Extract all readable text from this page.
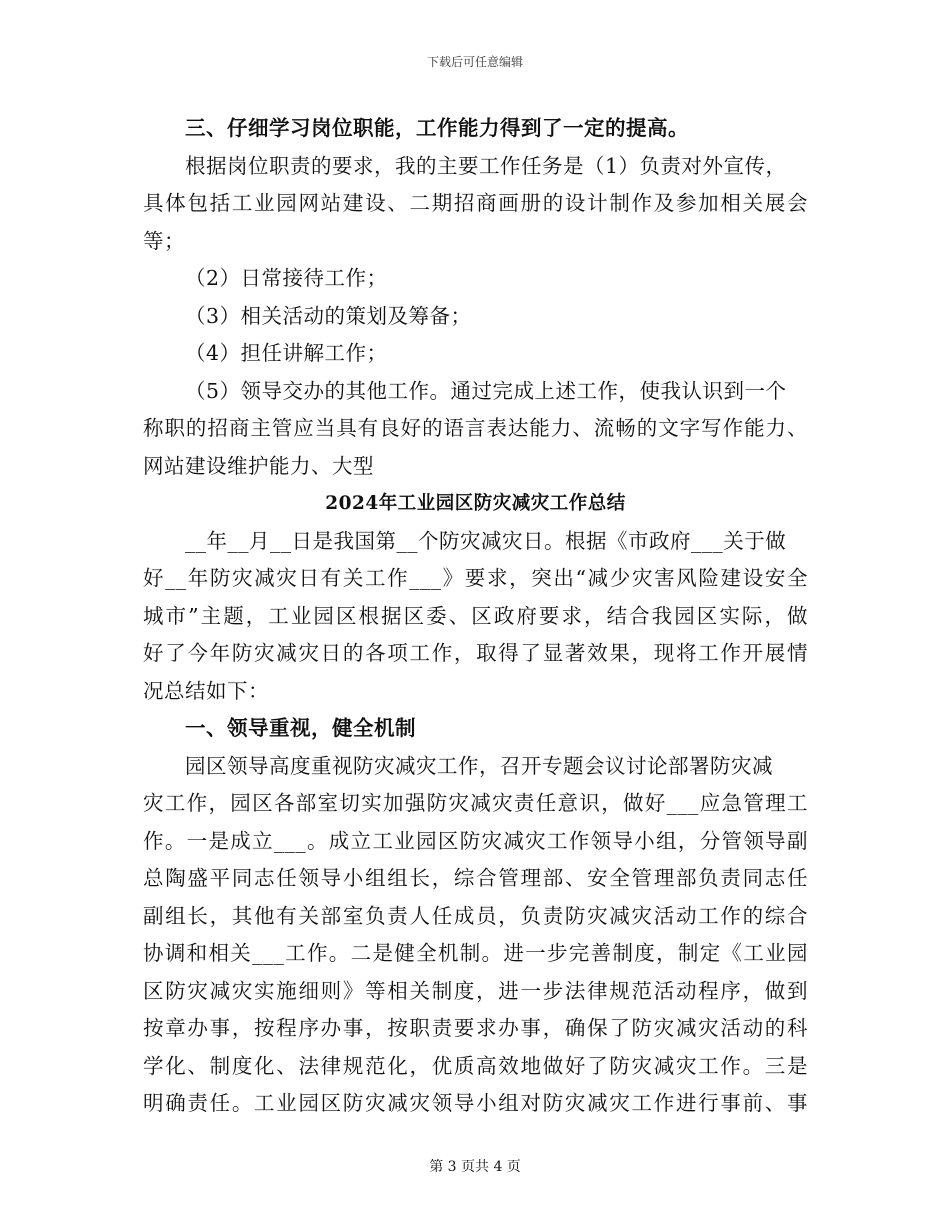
下载后可任意编辑
三、仔细学习岗位职能，工作能力得到了一定的提高。
根据岗位职责的要求，我的主要工作任务是（1）负责对外宣传，
具体包括工业园网站建设、二期招商画册的设计制作及参加相关展会
等；
（2）日常接待工作；
（3）相关活动的策划及筹备；
（4）担任讲解工作；
（5）领导交办的其他工作。通过完成上述工作，使我认识到一个
称职的招商主管应当具有良好的语言表达能力、流畅的文字写作能力、
网站建设维护能力、大型
2024年工业园区防灾减灾工作总结
__年__月__日是我国第__个防灾减灾日。根据《市政府___关于做
好__年防灾减灾日有关工作___》要求，突出“减少灾害风险建设安全
城市”主题，工业园区根据区委、区政府要求，结合我园区实际，做
好了今年防灾减灾日的各项工作，取得了显著效果，现将工作开展情
况总结如下：
一、领导重视，健全机制
园区领导高度重视防灾减灾工作，召开专题会议讨论部署防灾减
灾工作，园区各部室切实加强防灾减灾责任意识，做好___应急管理工
作。一是成立___。成立工业园区防灾减灾工作领导小组，分管领导副
总陶盛平同志任领导小组组长，综合管理部、安全管理部负责同志任
副组长，其他有关部室负责人任成员，负责防灾减灾活动工作的综合
协调和相关___工作。二是健全机制。进一步完善制度，制定《工业园
区防灾减灾实施细则》等相关制度，进一步法律规范活动程序，做到
按章办事，按程序办事，按职责要求办事，确保了防灾减灾活动的科
学化、制度化、法律规范化，优质高效地做好了防灾减灾工作。三是
明确责任。工业园区防灾减灾领导小组对防灾减灾工作进行事前、事
第 3 页共 4 页
